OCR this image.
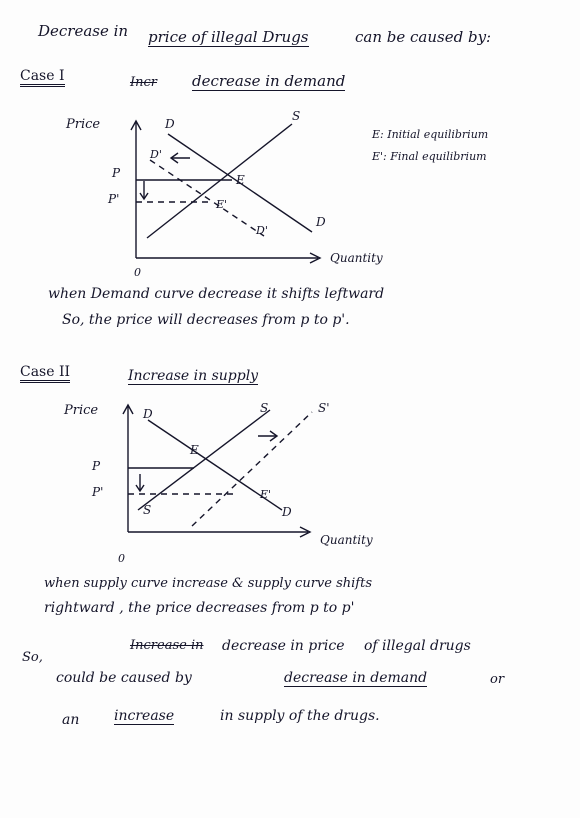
Decrease in price of illegal Drugs	can be caused by:
Case I	Incr decrease in demand
E: Initial equilibrium
E': Final equilibrium
Price
Quantity
0
D
D
D'
D'
S
E
E'
P
P'
when Demand curve decrease it shifts leftward
So, the price will decreases from p to p'.
Case II	Increase in supply
Price
Quantity
0
D
D
S
S
S'
E
E'
P
P'
when supply curve increase & supply curve shifts
rightward , the price decreases from p to p'
So,
Increase in decrease in price of illegal drugs
could be caused by	decrease in demand	or
an increase	in supply of the drugs.
